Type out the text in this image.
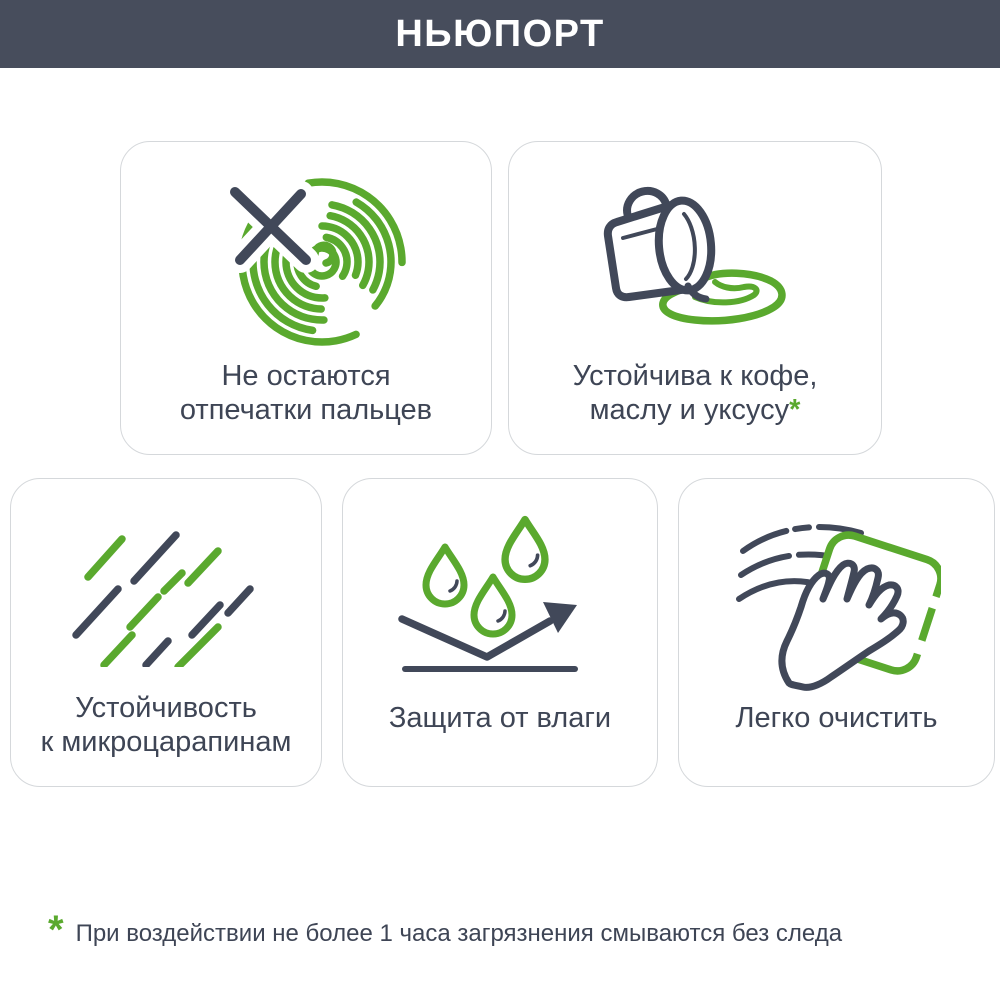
НЬЮПОРТ
Не остаются
отпечатки пальцев
Устойчива к кофе,
маслу и уксусу*
Устойчивость
к микроцарапинам
Защита от влаги	Легко очистить
* При воздействии не более 1 часа загрязнения смываются без следа
